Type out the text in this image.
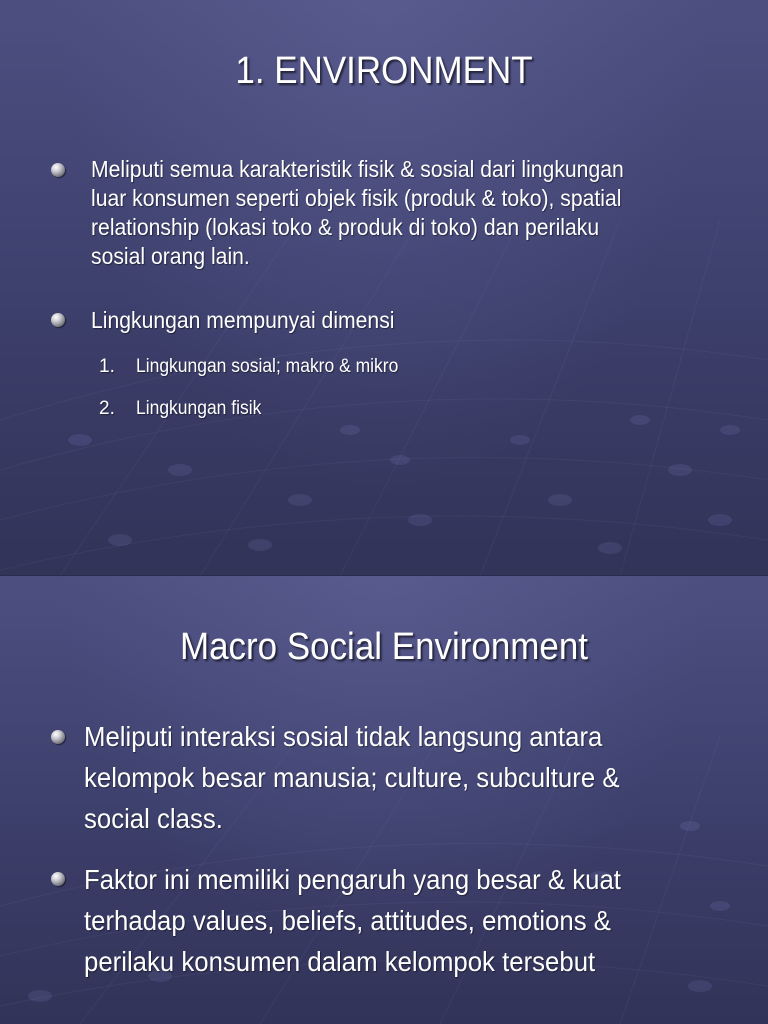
1. ENVIRONMENT
Meliputi semua karakteristik fisik & sosial dari lingkungan
luar konsumen seperti objek fisik (produk & toko), spatial
relationship (lokasi toko & produk di toko) dan perilaku
sosial orang lain.
Lingkungan mempunyai dimensi
1. Lingkungan sosial; makro & mikro
2. Lingkungan fisik
Macro Social Environment
Meliputi interaksi sosial tidak langsung antara
kelompok besar manusia; culture, subculture &
social class.
Faktor ini memiliki pengaruh yang besar & kuat
terhadap values, beliefs, attitudes, emotions &
perilaku konsumen dalam kelompok tersebut
